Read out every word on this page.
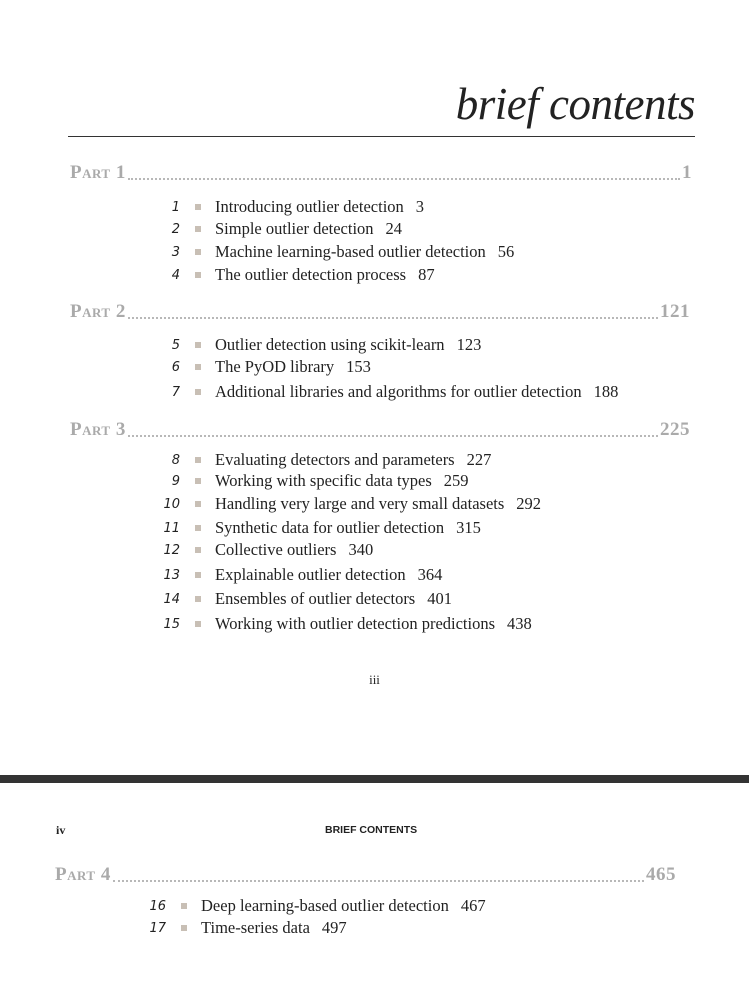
brief contents
Part 1	1
1 Introducing outlier detection 3
2 Simple outlier detection 24
3 Machine learning-based outlier detection 56
4 The outlier detection process 87
Part 2	121
5 Outlier detection using scikit-learn 123
6 The PyOD library 153
7 Additional libraries and algorithms for outlier detection 188
Part 3	225
8 Evaluating detectors and parameters 227
9 Working with specific data types 259
10 Handling very large and very small datasets 292
11 Synthetic data for outlier detection 315
12 Collective outliers 340
13 Explainable outlier detection 364
14 Ensembles of outlier detectors 401
15 Working with outlier detection predictions 438
Part 4	465
16 Deep learning-based outlier detection 467
17 Time-series data 497
iii
iv	BRIEF CONTENTS
